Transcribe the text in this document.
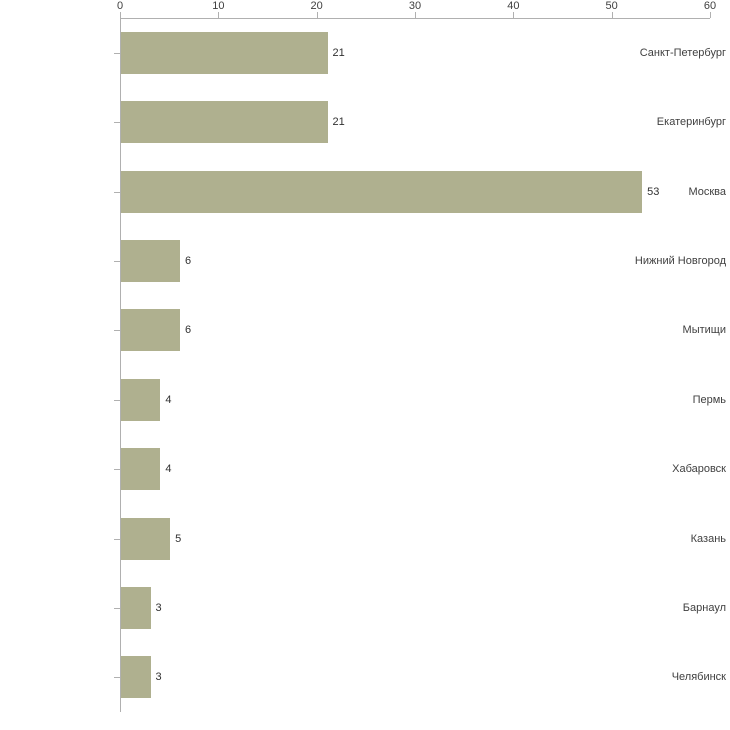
0	10	20	30	40	50	60
Санкт-Петербург
Екатеринбург
Москва
Нижний Новгород
Мытищи
Пермь
Хабаровск
Казань
Барнаул
Челябинск
21
21
53
6
6
4
4
5
3
3
